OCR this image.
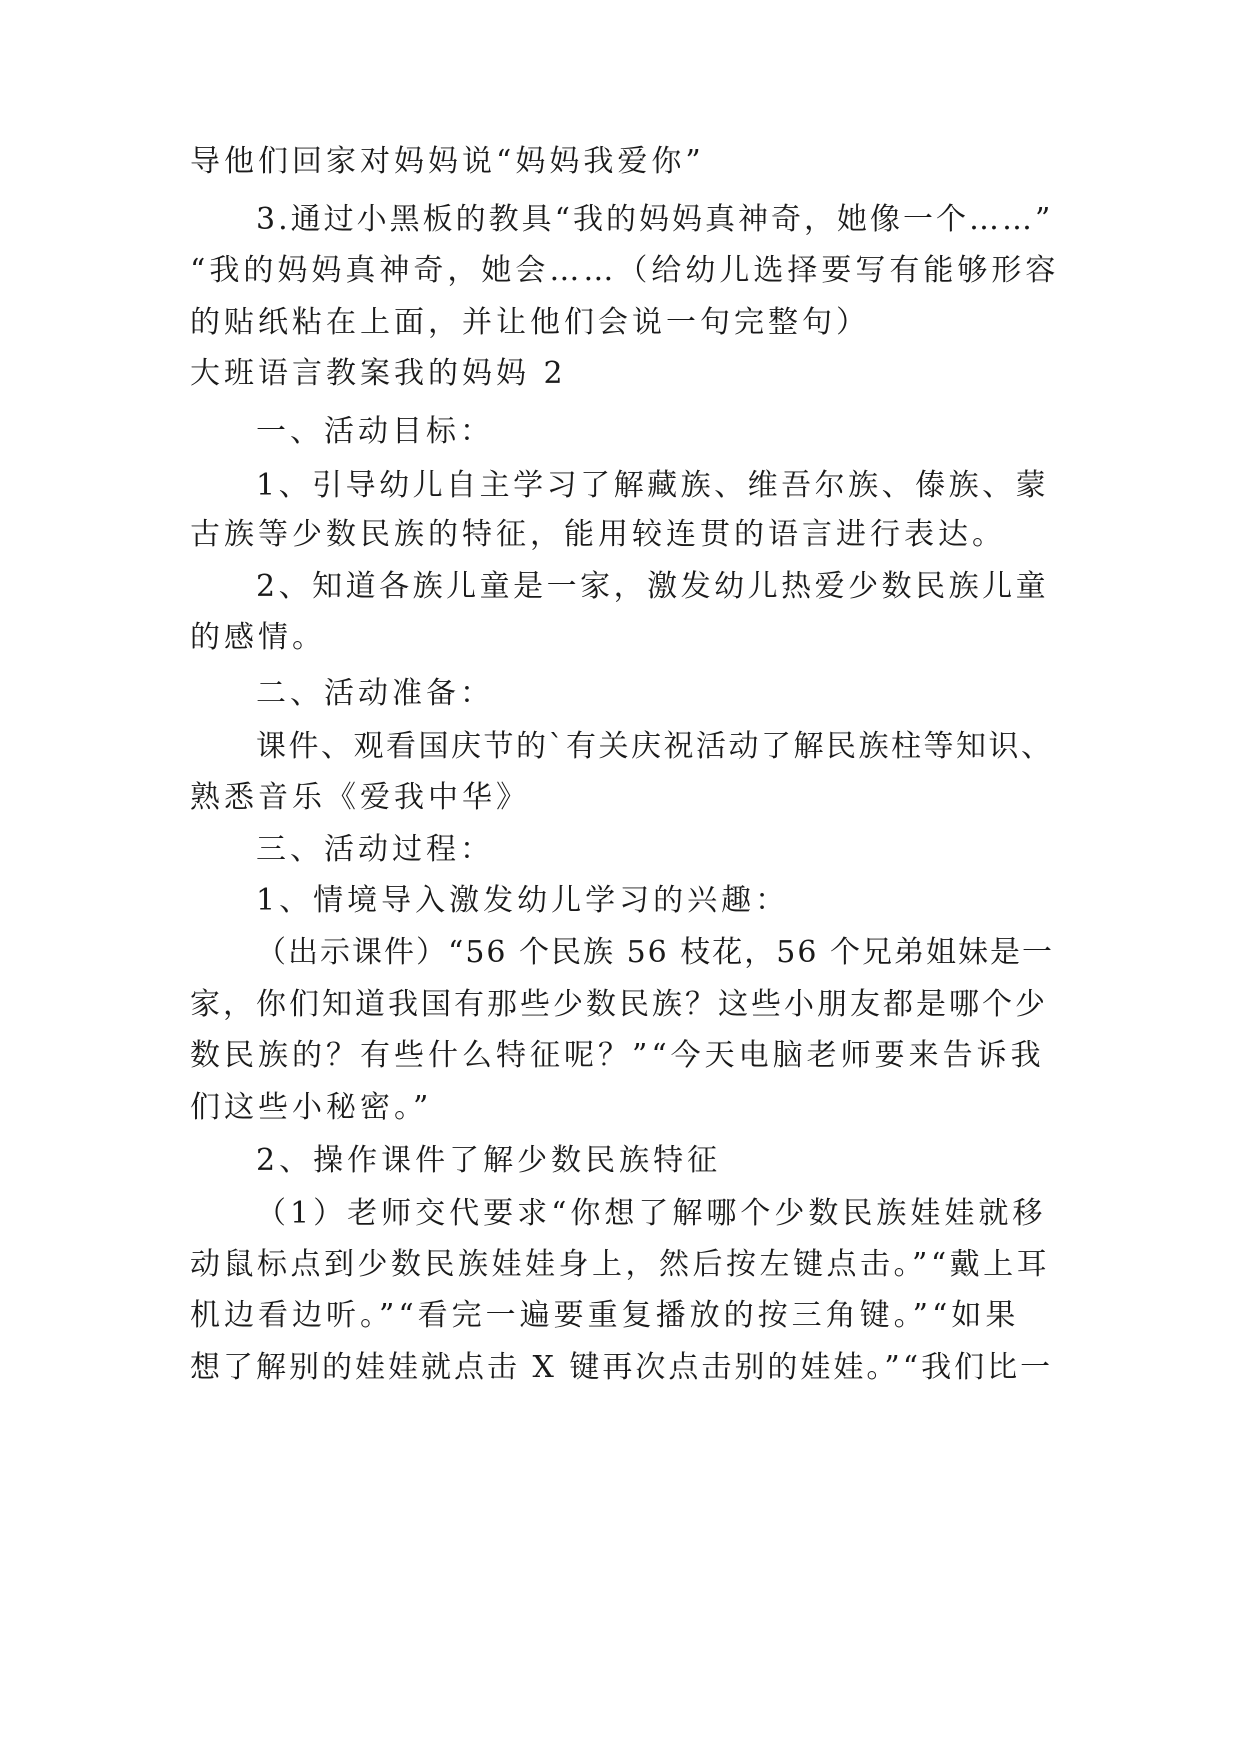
导他们回家对妈妈说“妈妈我爱你”
3.通过小黑板的教具“我的妈妈真神奇，她像一个……”
“我的妈妈真神奇，她会……（给幼儿选择要写有能够形容
的贴纸粘在上面，并让他们会说一句完整句）
大班语言教案我的妈妈 2
一、活动目标：
1、引导幼儿自主学习了解藏族、维吾尔族、傣族、蒙
古族等少数民族的特征，能用较连贯的语言进行表达。
2、知道各族儿童是一家，激发幼儿热爱少数民族儿童
的感情。
二、活动准备：
课件、观看国庆节的`有关庆祝活动了解民族柱等知识、
熟悉音乐《爱我中华》
三、活动过程：
1、情境导入激发幼儿学习的兴趣：
（出示课件）“56 个民族 56 枝花，56 个兄弟姐妹是一
家，你们知道我国有那些少数民族？这些小朋友都是哪个少
数民族的？有些什么特征呢？”“今天电脑老师要来告诉我
们这些小秘密。”
2、操作课件了解少数民族特征
（1）老师交代要求“你想了解哪个少数民族娃娃就移
动鼠标点到少数民族娃娃身上，然后按左键点击。”“戴上耳
机边看边听。”“看完一遍要重复播放的按三角键。”“如果
想了解别的娃娃就点击 X 键再次点击别的娃娃。”“我们比一
